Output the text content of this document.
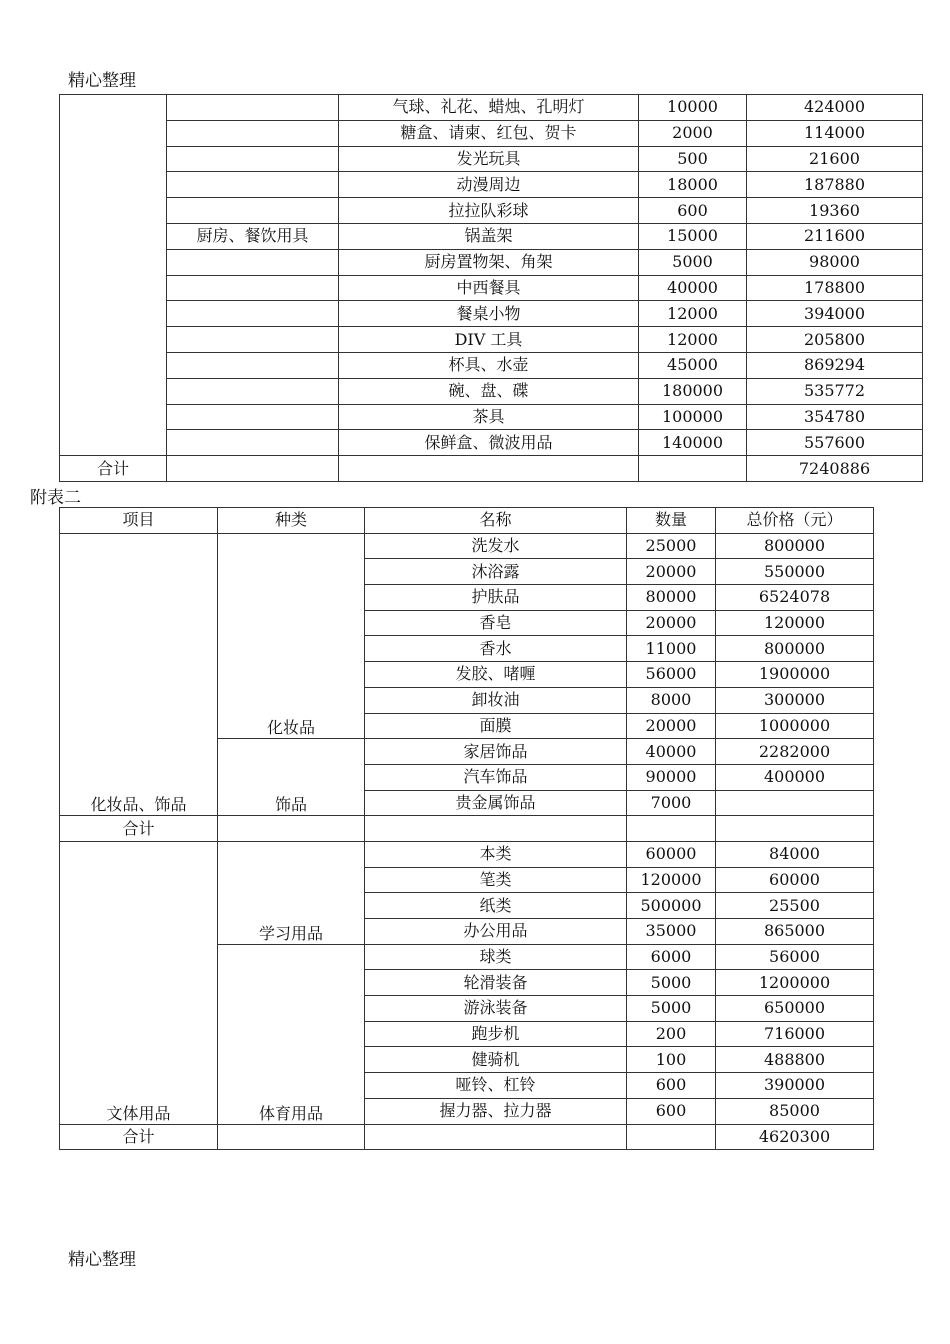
精心整理
		气球、礼花、蜡烛、孔明灯	10000	424000
		糖盒、请柬、红包、贺卡	2000	114000
		发光玩具	500	21600
		动漫周边	18000	187880
		拉拉队彩球	600	19360
	厨房、餐饮用具	锅盖架	15000	211600
		厨房置物架、角架	5000	98000
		中西餐具	40000	178800
		餐桌小物	12000	394000
		DIV 工具	12000	205800
		杯具、水壶	45000	869294
		碗、盘、碟	180000	535772
		茶具	100000	354780
		保鲜盒、微波用品	140000	557600
合计				7240886
附表二
项目	种类	名称	数量	总价格（元）
化妆品、饰品	化妆品	洗发水	25000	800000
		沐浴露	20000	550000
		护肤品	80000	6524078
		香皂	20000	120000
		香水	11000	800000
		发胶、啫喱	56000	1900000
		卸妆油	8000	300000
		面膜	20000	1000000
	饰品	家居饰品	40000	2282000
		汽车饰品	90000	400000
		贵金属饰品	7000	
合计				
文体用品	学习用品	本类	60000	84000
		笔类	120000	60000
		纸类	500000	25500
		办公用品	35000	865000
	体育用品	球类	6000	56000
		轮滑装备	5000	1200000
		游泳装备	5000	650000
		跑步机	200	716000
		健骑机	100	488800
		哑铃、杠铃	600	390000
		握力器、拉力器	600	85000
合计				4620300
精心整理
